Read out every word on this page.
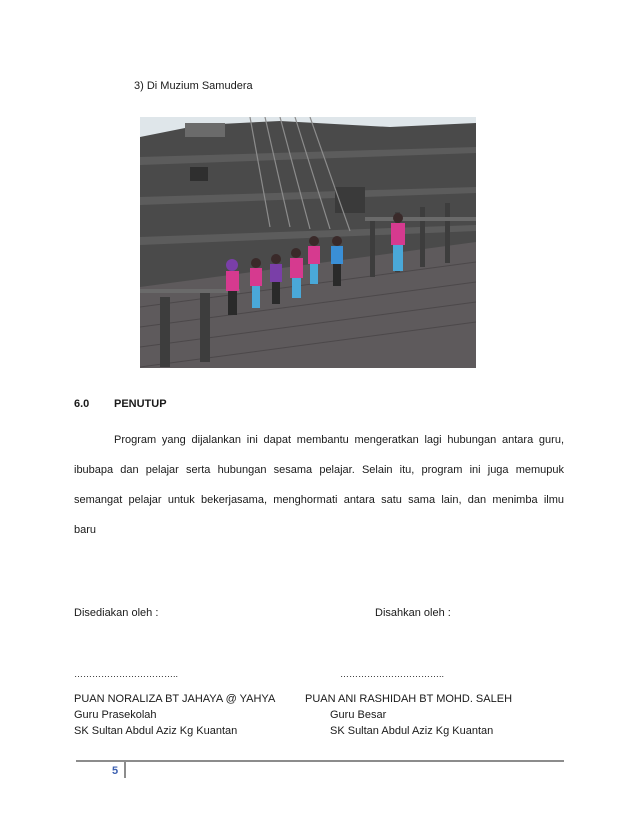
3) Di Muzium Samudera
6.0 PENUTUP
Program yang dijalankan ini dapat membantu mengeratkan lagi hubungan antara guru,
ibubapa dan pelajar serta hubungan sesama pelajar. Selain itu, program ini juga memupuk
semangat pelajar untuk bekerjasama, menghormati antara satu sama lain, dan menimba ilmu
baru
Disediakan oleh :	Disahkan oleh :
……………………………..	……………………………..
PUAN NORALIZA BT JAHAYA @ YAHYA
Guru Prasekolah
SK Sultan Abdul Aziz Kg Kuantan
PUAN ANI RASHIDAH BT MOHD. SALEH
Guru Besar
SK Sultan Abdul Aziz Kg Kuantan
5
